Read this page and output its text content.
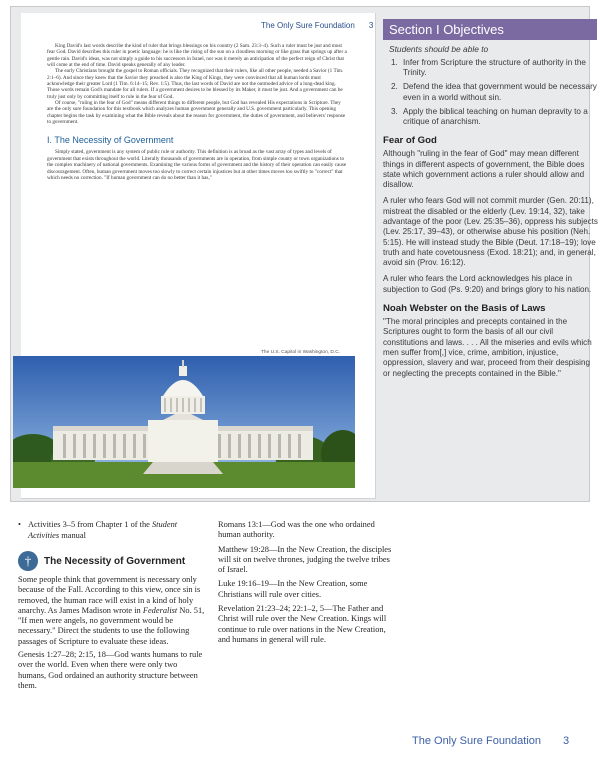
The Only Sure Foundation 3

King David's last words describe the kind of ruler that brings blessings on his country (2 Sam. 23:3–4). Such a ruler must be just and must fear God. David describes this ruler in poetic language: he is like the rising of the sun on a cloudless morning or like grass that springs up after a gentle rain. David's ideas, was not simply a guide to his successors in Israel, nor was it merely an anticipation of the perfect reign of Christ that will come at the end of time. David speaks generally of any leader.

The early Christians brought the gospel to Roman officials. They recognized that their rulers, like all other people, needed a Savior (1 Tim. 2:1–6). And since they knew that the Savior they preached is also the King of Kings, they were convinced that all human lords must acknowledge their greater Lord (1 Tim. 6:14–15; Rev. 1:5). Thus, the last words of David are not the outmoded advice of a long-dead king. Those words remain God's mandate for all rulers. If a government desires to be blessed by its Maker, it must be just. And a government can be truly just only by committing itself to rule in the fear of God.

Of course, "ruling in the fear of God" means different things to different people, but God has revealed His expectations in Scripture. They are the only sure foundation for this textbook which analyzes human government generally and U.S. government particularly. This opening chapter begins the task by examining what the Bible reveals about the reason for government, the duties of government, and believers' response to government.

I. The Necessity of Government

Simply stated, government is any system of public rule or authority. This definition is as broad as the vast array of types and levels of government that exists throughout the world. Literally thousands of governments are in operation, from simple county or town organizations to the complex machinery of national governments. Examining the various forms of government and the history of their operation can easily cause discouragement. Often, human government moves too slowly to correct certain injustices but at other times moves too swiftly to "correct" that which needs no correction. "If human government can do no better than it has,"

The U.S. Capitol in Washington, D.C.
Section I Objectives
Students should be able to
1. Infer from Scripture the structure of authority in the Trinity.
2. Defend the idea that government would be necessary even in a world without sin.
3. Apply the biblical teaching on human depravity to a critique of anarchism.
Fear of God

Although "ruling in the fear of God" may mean different things in different aspects of government, the Bible does state which government actions a ruler should allow and disallow.

A ruler who fears God will not commit murder (Gen. 20:11), mistreat the disabled or the elderly (Lev. 19:14, 32), take advantage of the poor (Lev. 25:35–36), oppress his subjects (Lev. 25:17, 39–43), or otherwise abuse his position (Neh. 5:15). He will instead study the Bible (Deut. 17:18–19); love truth and hate covetousness (Exod. 18:21); and, in general, avoid sin (Prov. 16:12).

A ruler who fears the Lord acknowledges his place in subjection to God (Ps. 9:20) and brings glory to his nation.

Noah Webster on the Basis of Laws

"The moral principles and precepts contained in the Scriptures ought to form the basis of all our civil constitutions and laws. . . . All the miseries and evils which men suffer from[,] vice, crime, ambition, injustice, oppression, slavery and war, proceed from their despising or neglecting the precepts contained in the Bible."

• Activities 3–5 from Chapter 1 of the Student Activities manual
†	The Necessity of Government

Some people think that government is necessary only because of the Fall. According to this view, once sin is removed, the human race will exist in a kind of holy anarchy. As James Madison wrote in Federalist No. 51, "If men were angels, no government would be necessary." Direct the students to use the following passages of Scripture to evaluate these ideas.

Genesis 1:27–28; 2:15, 18—God wants humans to rule over the world. Even when there were only two humans, God ordained an authority structure between them.

Romans 13:1—God was the one who ordained human authority.

Matthew 19:28—In the New Creation, the disciples will sit on twelve thrones, judging the twelve tribes of Israel.

Luke 19:16–19—In the New Creation, some Christians will rule over cities.

Revelation 21:23–24; 22:1–2, 5—The Father and Christ will rule over the New Creation. Kings will continue to rule over nations in the New Creation, and humans in general will rule.

The Only Sure Foundation 3
